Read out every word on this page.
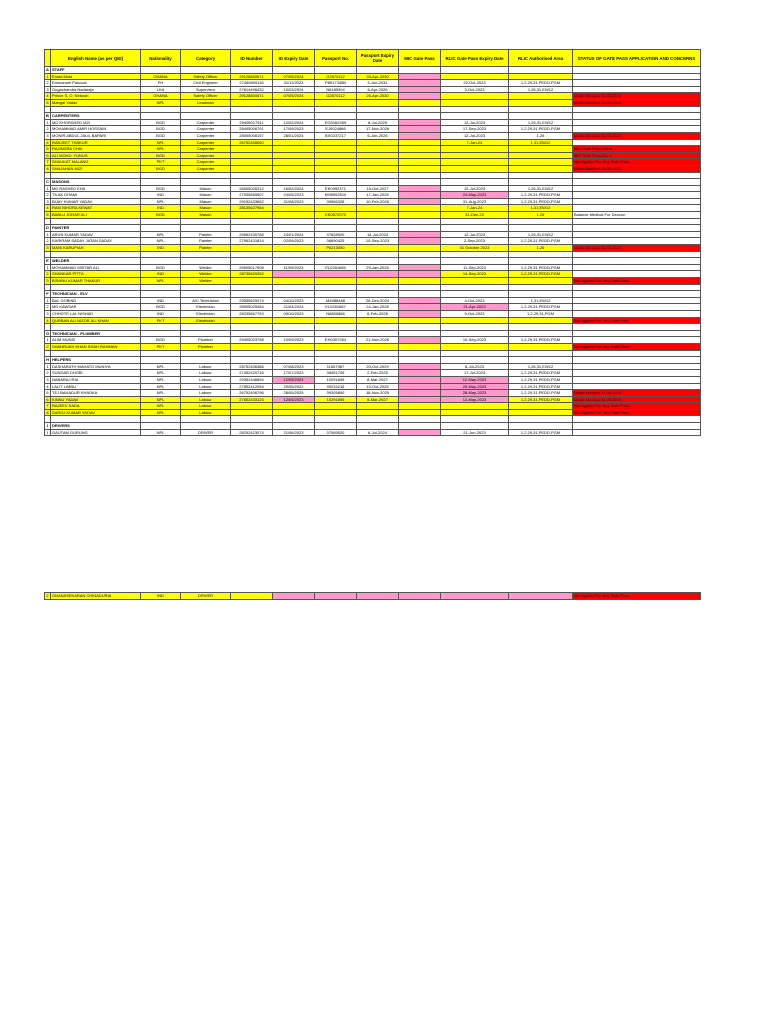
	English Name (as per QID)	Nationality	Category	ID Number	ID Expiry Date	Passport No.	Passport Expiry Date	MIC Gate Pass	RLIC Gate Pass Expiry Date	RLIC Authorised Area	STATUS OF GATE PASS APPLICATION AND CONCERNS
A	STAFF										
1	Emad Mola	GHANA	Safety Officer	29128800671	07/05/2024	G2870112	25-Apr-2030				
2	Emmanuel Pascual	PH	Civil Engineer	27460809116	31/11/2023	P8917345B	3-Jun-2031		22-Oct-2023	1,2,29,31,PEDD,PGM	
3	Gugachandra Nadaraja	LKA	Supervisor	27814406432	10/03/2024	N6185304	6-Apr-2026		3-Oct-2023	1,26,31,EW12	
4	Prince S. O. Nebosh	GHANA	Safety Officer	29128800671	07/05/2024	G2870112	25-Apr-2030				Under Medical 31.05.2023
5	Mangal Yadav	NPL	Leadman								Under Medical 31.05.2023

B	CARPENTERS										
1	MD KHORSHED MZI	BGD	Carpenter	29405017911	12/02/2024	EG0162459	8-Jul-2025		12-Jul-2023	1,26,31,EW12	
2	MOHAMMAD AMIR HOSSAIN	BGD	Carpenter	28405006791	17/09/2023	EJ0024868	17-Nov-2026		17-Sep-2023	1,2,29,31,PEDD,PGM	
3	MONIR ABDUL JALIL BAPARI	BGD	Carpenter	28005008157	28/01/2024	BX0237217	6-Jun-2026		12-Jul-2023	1,26	Under Medical 31.05.2023
4	RANJEET THAKUR	NPL	Carpenter	26752408060					7-Jan-24	1,31,EW12	
5	RAJINDRA CHAI	NPL	Carpenter								MIC Gate Pass Done
6	ALI MOHD. YUNUS	BGD	Carpenter								MIC Gate Pass Done
7	SHAUKAT MALANG	PKT	Carpenter								Not Applied For Any Gate Pass
8	SHAJAHAN MIZI	BGD	Carpenter								Under Medical 31.05.2023

C	MASONS										
1	MD RASHED KHA	BGD	Mason	28005026312	16/02/2024	EK0992371	15-Oct-2027		12-Jul-2023	1,26,31,EW12	
2	TILAK DHAMI	IND	Mason	27935655507	24/05/2023	KM5952510	17-Jan-2025		24-May-2023	1,2,29,31,PEDD,PGM	
3	BIJAY KUMAR YADAV	NPL	Mason	29152433662	31/08/2023	09566328	10-Feb-2026		31-Aug-2023	1,2,29,31,PEDD,PGM	
4	RAM NIHORA KEWAT	IND	Mason	28135627954					7-Jan-24	1,31,EW12	
5	BABLU JOHAR ALI	BGD	Mason			EK0572070			31-Dec-23	1,26	Balance Medical For Deocon

D	PAINTER										
1	ARUN KUMAR YADAV	NPL	Painter	29552430766	24/01/2024	07628920	14-Jul-2024		12-Jul-2023	1,26,31,EW12	
2	KARIRAM SADAY JATAN SADAY	NPL	Painter	27952431814	02/09/2023	06690425	10-Sep-2023		2-Sep-2023	1,2,29,31,PEDD,PGM	
3	MANI KARUPIAH	IND	Painter			P6213050			31 October 2023	1,26	Under Medical 31.05.2023

E	WELDER										
1	MOHAMMAD MISTAR ALI	BGD	Welder	29505017908	11/09/2023	EL0281685	29-Jan-2028		11-Sep-2023	1,2,29,31,PEDD,PGM	
2	SHANKAR PITTA	IND	Welder	28735629352					14-Sep-2023	1,2,29,31,PEDD,PGM	
3	BISHNU KUMAR THAKUR	NPL	Welder								Not Applied For Any Gate Pass

F	TECHNICIAN - ELV										
1	BAL GOBIND	IND	A/C Technician	29535625474	04/10/2023	M4988488	28-Dec-2024		4-Oct-2023	1,31,EW12	
2	MD KAWSAR	BGD	Electrician	28905029464	21/04/2024	EL0281687	24-Jan-2028		21-Apr-2023	1,2,29,31,PEDD,PGM	
3	CHHOTE LAL NISHAD	IND	Electrician	28235667753	09/10/2023	N6800866	6-Feb-2028		9-Oct-2023	1,2,29,31,PGM	
4	QURBAN ALI NIZOR ALI KHAN	PKT	Electrician								Not Applied For Any Gate Pass

G	TECHNICIAN - PLUMBER										
1	ALIM MUNSI	BGD	Plumber	29405023798	10/09/2023	EH0307264	21-Nov-2026		10-Sep-2023	1,2,29,31,PEDD,PGM	
2	SHAHRUKH KHAN SHAH RAHMAN	PKT	Plumber								Not Applied For Any Gate Pass

H	HELPERS										
1	DASHARATH MAHATO MUNIYA	NPL	Labour	28752406386	07/08/2023	11657987	20-Oct-2029		8-Jul-2023	1,26,31,EW12	
2	SUNDAR DHOBI	NPL	Labour	27452420716	17/07/2023	08451709	2-Feb-2025		17-Jul-2023	1,2,29,31,PEDD,PGM	
3	NABARAJ RAI	NPL	Labour	29352446894	12/05/2024	10291895	8-Mar-2027		12-May-2023	1,2,29,31,PEDD,PGM	
4	LALIT LIMBU	NPL	Labour	27852412054	29/05/2022	09234216	10-Oct-2025		29-May-2023	1,2,29,31,PEDD,PGM	
5	TEJ BAHADUR KHADKA	NPL	Labour	26752406796	28/05/2025	09305890	18-Nov-2025		28-May-2023	1,2,29,31,PEDD,PGM	Under Medical 31.05.2023
6	KINNU YADAV	NPL	Labour	27852433123	12/05/2023	10291895	8-Mar-2027		12-May-2023	1,2,29,31,PEDD,PGM	Under Medical 31.05.2023
7	RAJEEV SADA	NPL	Labour								Not Applied For Any Gate Pass
8	SAROJ KUMAR YADAV	NPL	Labour								Not Applied For Any Gate Pass

I	DRIVERS										
1	GAUTAM GURUNG	NPL	DRIVER	28252423074	21/06/2023	07589520	6-Jul-2024		21-Jun-2023	1,2,29,31,PEDD,PGM	
2	GNANASEKARAN CHINADURAI	IND	DRIVER								Not Applied For Any Gate Pass
